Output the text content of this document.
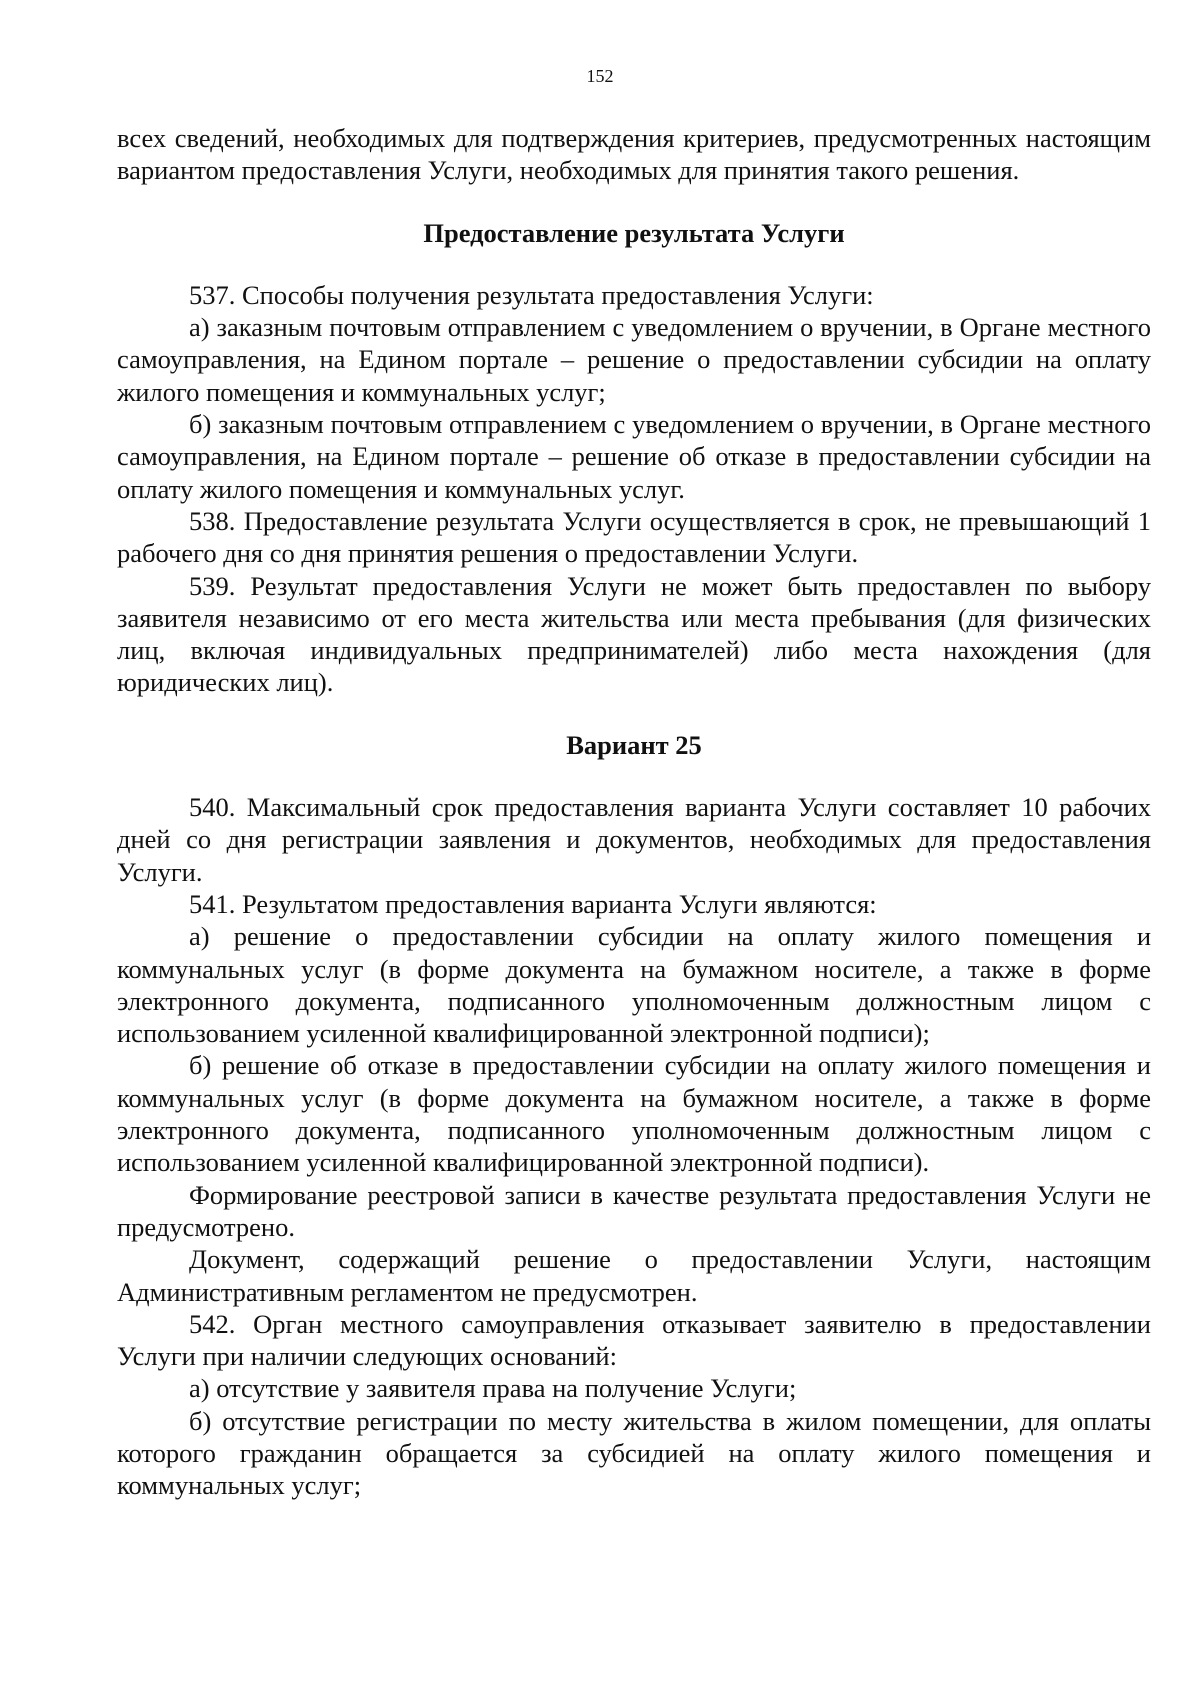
152

всех сведений, необходимых для подтверждения критериев, предусмотренных настоящим вариантом предоставления Услуги, необходимых для принятия такого решения.

Предоставление результата Услуги

537. Способы получения результата предоставления Услуги:

а) заказным почтовым отправлением с уведомлением о вручении, в Органе местного самоуправления, на Едином портале – решение о предоставлении субсидии на оплату жилого помещения и коммунальных услуг;

б) заказным почтовым отправлением с уведомлением о вручении, в Органе местного самоуправления, на Едином портале – решение об отказе в предоставлении субсидии на оплату жилого помещения и коммунальных услуг.

538. Предоставление результата Услуги осуществляется в срок, не превышающий 1 рабочего дня со дня принятия решения о предоставлении Услуги.

539. Результат предоставления Услуги не может быть предоставлен по выбору заявителя независимо от его места жительства или места пребывания (для физических лиц, включая индивидуальных предпринимателей) либо места нахождения (для юридических лиц).

Вариант 25

540. Максимальный срок предоставления варианта Услуги составляет 10 рабочих дней со дня регистрации заявления и документов, необходимых для предоставления Услуги.

541. Результатом предоставления варианта Услуги являются:

а) решение о предоставлении субсидии на оплату жилого помещения и коммунальных услуг (в форме документа на бумажном носителе, а также в форме электронного документа, подписанного уполномоченным должностным лицом с использованием усиленной квалифицированной электронной подписи);

б) решение об отказе в предоставлении субсидии на оплату жилого помещения и коммунальных услуг (в форме документа на бумажном носителе, а также в форме электронного документа, подписанного уполномоченным должностным лицом с использованием усиленной квалифицированной электронной подписи).

Формирование реестровой записи в качестве результата предоставления Услуги не предусмотрено.

Документ, содержащий решение о предоставлении Услуги, настоящим Административным регламентом не предусмотрен.

542. Орган местного самоуправления отказывает заявителю в предоставлении Услуги при наличии следующих оснований:

а) отсутствие у заявителя права на получение Услуги;

б) отсутствие регистрации по месту жительства в жилом помещении, для оплаты которого гражданин обращается за субсидией на оплату жилого помещения и коммунальных услуг;
